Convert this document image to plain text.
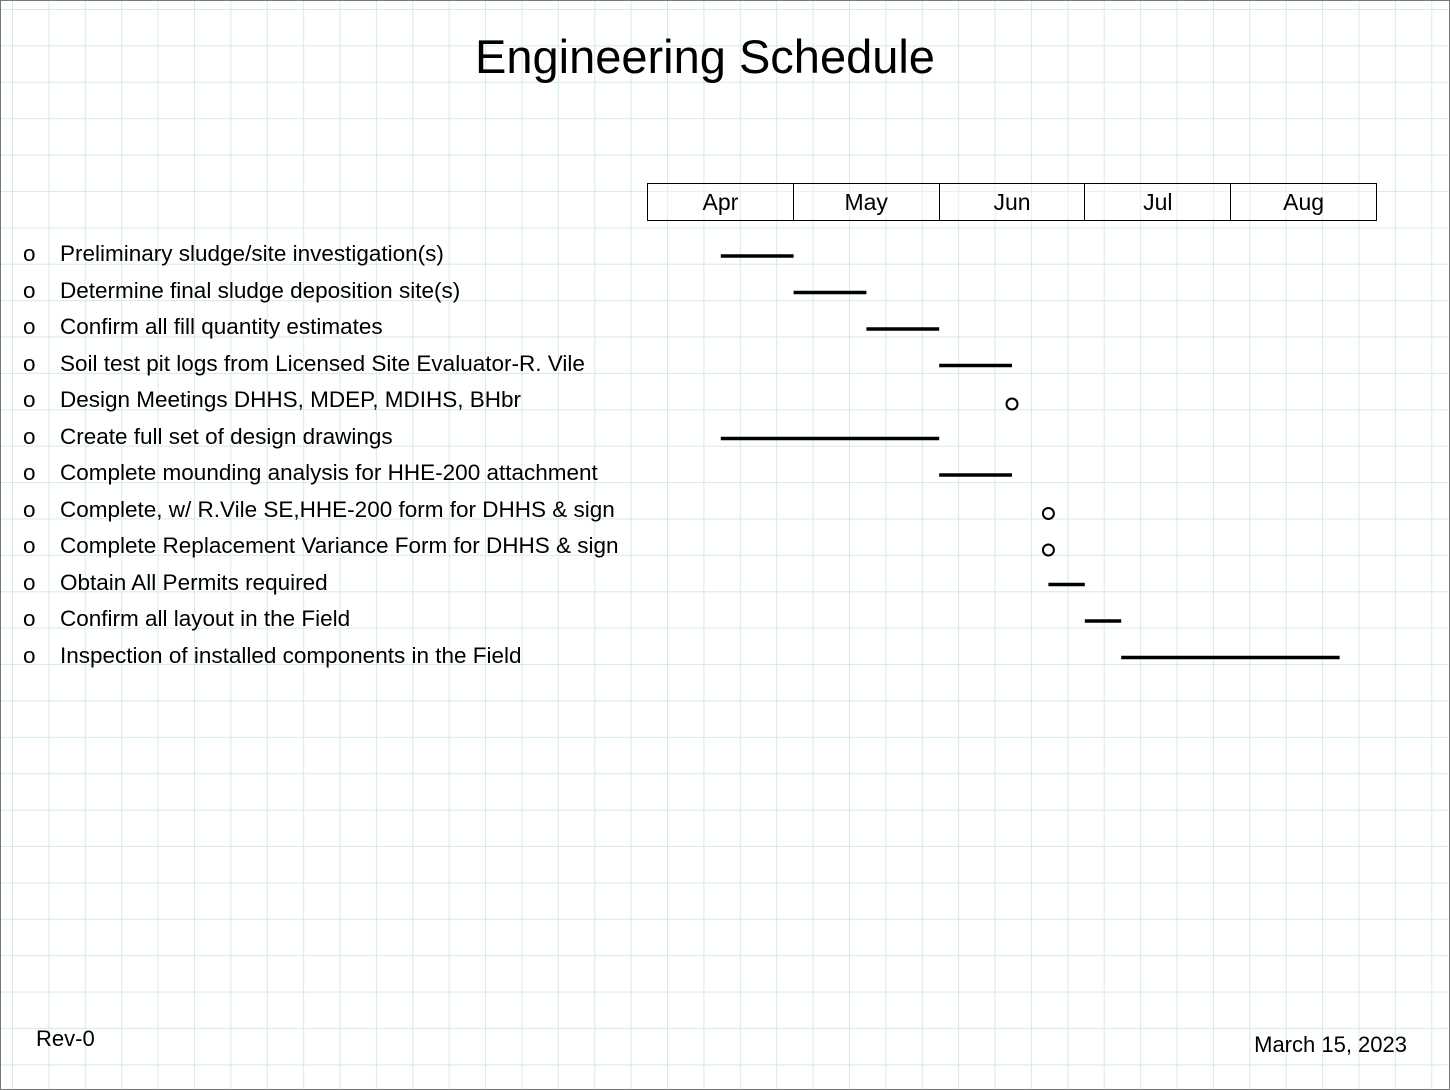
Engineering Schedule
Apr	May	Jun	Jul	Aug
o	Preliminary sludge/site investigation(s)
o	Determine final sludge deposition site(s)
o	Confirm all fill quantity estimates
o	Soil test pit logs from Licensed Site Evaluator-R. Vile
o	Design Meetings DHHS, MDEP, MDIHS, BHbr
o	Create full set of design drawings
o	Complete mounding analysis for HHE-200 attachment
o	Complete, w/ R.Vile SE,HHE-200 form for DHHS & sign
o	Complete Replacement Variance Form for DHHS & sign
o	Obtain All Permits required
o	Confirm all layout in the Field
o	Inspection of installed components in the Field
Rev-0	March 15, 2023
